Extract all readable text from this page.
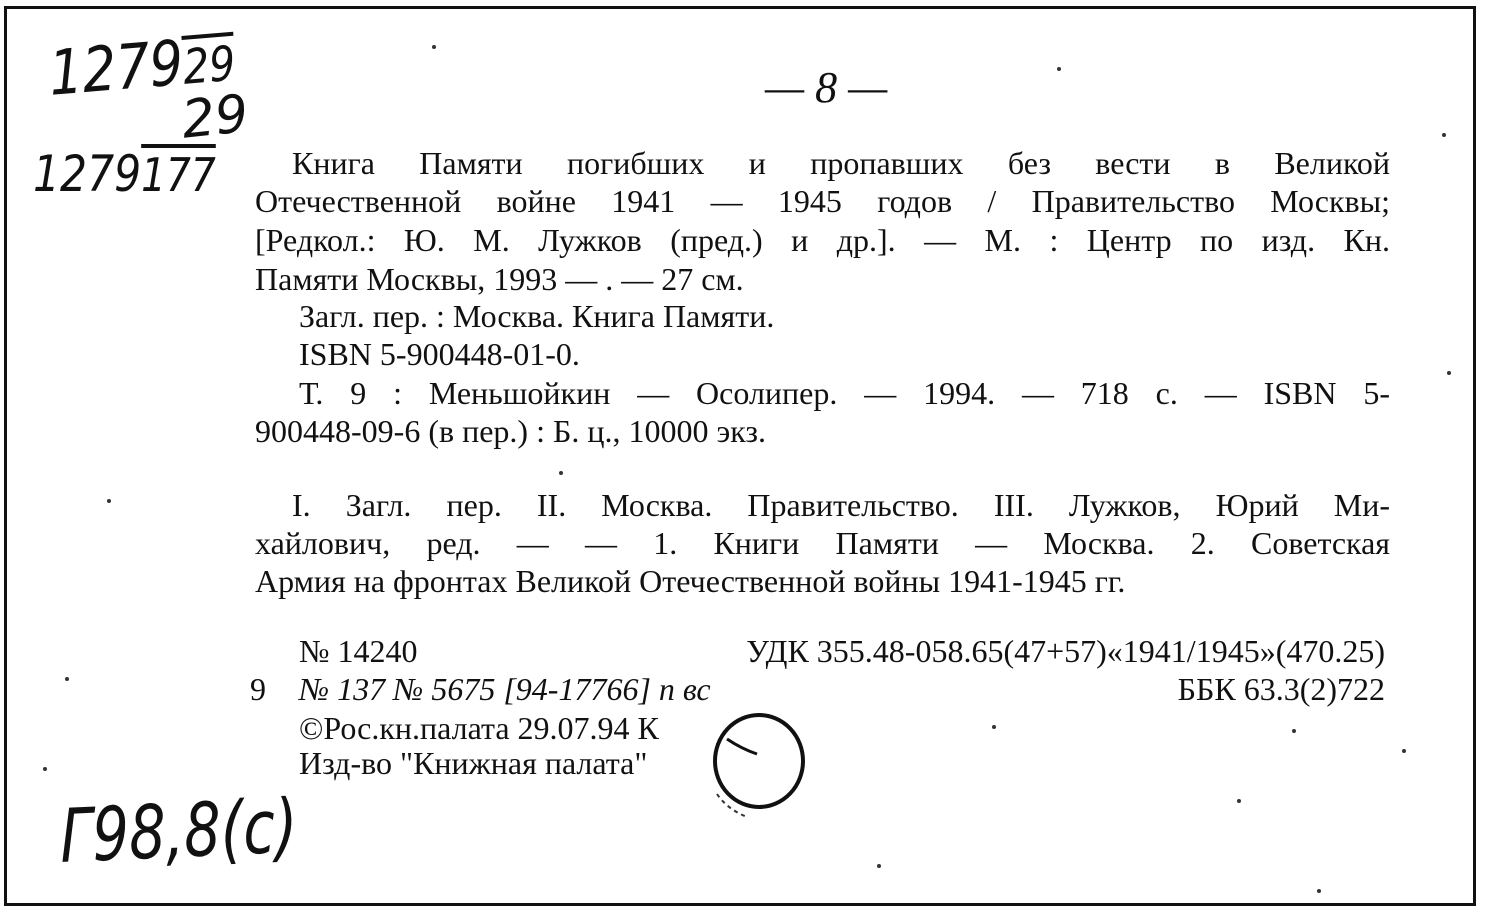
127929
29
1279177
Г98,8(с)
— 8 —
Книга Памяти погибших и пропавших без вести в Великой
Отечественной войне 1941 — 1945 годов / Правительство Москвы;
[Редкол.: Ю. М. Лужков (пред.) и др.]. — М. : Центр по изд. Кн.
Памяти Москвы, 1993 — . — 27 см.
Загл. пер. : Москва. Книга Памяти.
ISBN 5-900448-01-0.
Т. 9 : Меньшойкин — Осолипер. — 1994. — 718 с. — ISBN 5-
900448-09-6 (в пер.) : Б. ц., 10000 экз.
I. Загл. пер. II. Москва. Правительство. III. Лужков, Юрий Ми-
хайлович, ред. — — 1. Книги Памяти — Москва. 2. Советская
Армия на фронтах Великой Отечественной войны 1941-1945 гг.
№ 14240	УДК 355.48-058.65(47+57)«1941/1945»(470.25)
9 № 137 № 5675 [94-17766] п вс	ББК 63.3(2)722
©Рос.кн.палата 29.07.94 К
Изд-во "Книжная палата"
